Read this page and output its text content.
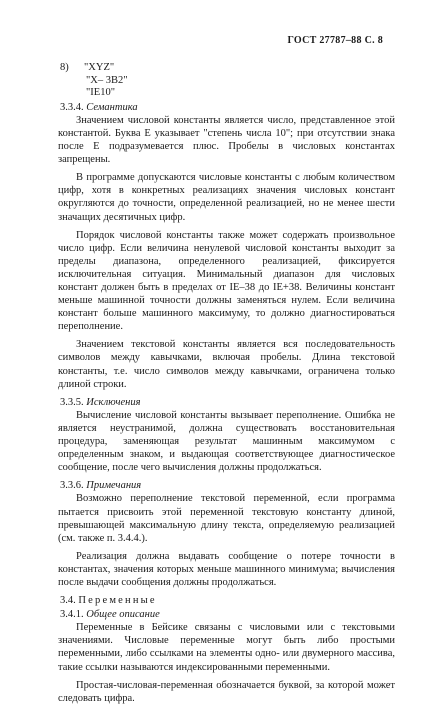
ГОСТ 27787–88 С. 8
8) "XYZ"
"X– 3B2"
"IE10"
3.3.4. Семантика

Значением числовой константы является число, представленное этой константой. Буква E указывает "степень числа 10"; при отсутствии знака после E подразумевается плюс. Пробелы в числовых константах запрещены.

В программе допускаются числовые константы с любым количеством цифр, хотя в конкретных реализациях значения числовых констант округляются до точности, определенной реализацией, но не менее шести значащих десятичных цифр.

Порядок числовой константы также может содержать произвольное число цифр. Если величина ненулевой числовой константы выходит за пределы диапазона, определенного реализацией, фиксируется исключительная ситуация. Минимальный диапазон для числовых констант должен быть в пределах от IE–38 до IE+38. Величины констант меньше машинной точности должны заменяться нулем. Если величина констант больше машинного максимуму, то должно диагностироваться переполнение.

Значением текстовой константы является вся последовательность символов между кавычками, включая пробелы. Длина текстовой константы, т.е. число символов между кавычками, ограничена только длиной строки.

3.3.5. Исключения

Вычисление числовой константы вызывает переполнение. Ошибка не является неустранимой, должна существовать восстановительная процедура, заменяющая результат машинным максимумом с определенным знаком, и выдающая соответствующее диагностическое сообщение, после чего вычисления должны продолжаться.

3.3.6. Примечания

Возможно переполнение текстовой переменной, если программа пытается присвоить этой переменной текстовую константу длиной, превышающей максимальную длину текста, определяемую реализацией (см. также п. 3.4.4.).

Реализация должна выдавать сообщение о потере точности в константах, значения которых меньше машинного минимума; вычисления после выдачи сообщения должны продолжаться.

3.4. Переменные
3.4.1. Общее описание

Переменные в Бейсике связаны с числовыми или с текстовыми значениями. Числовые переменные могут быть либо простыми переменными, либо ссылками на элементы одно- или двумерного массива, такие ссылки называются индексированными переменными.

Простая-числовая-переменная обозначается буквой, за которой может следовать цифра.
